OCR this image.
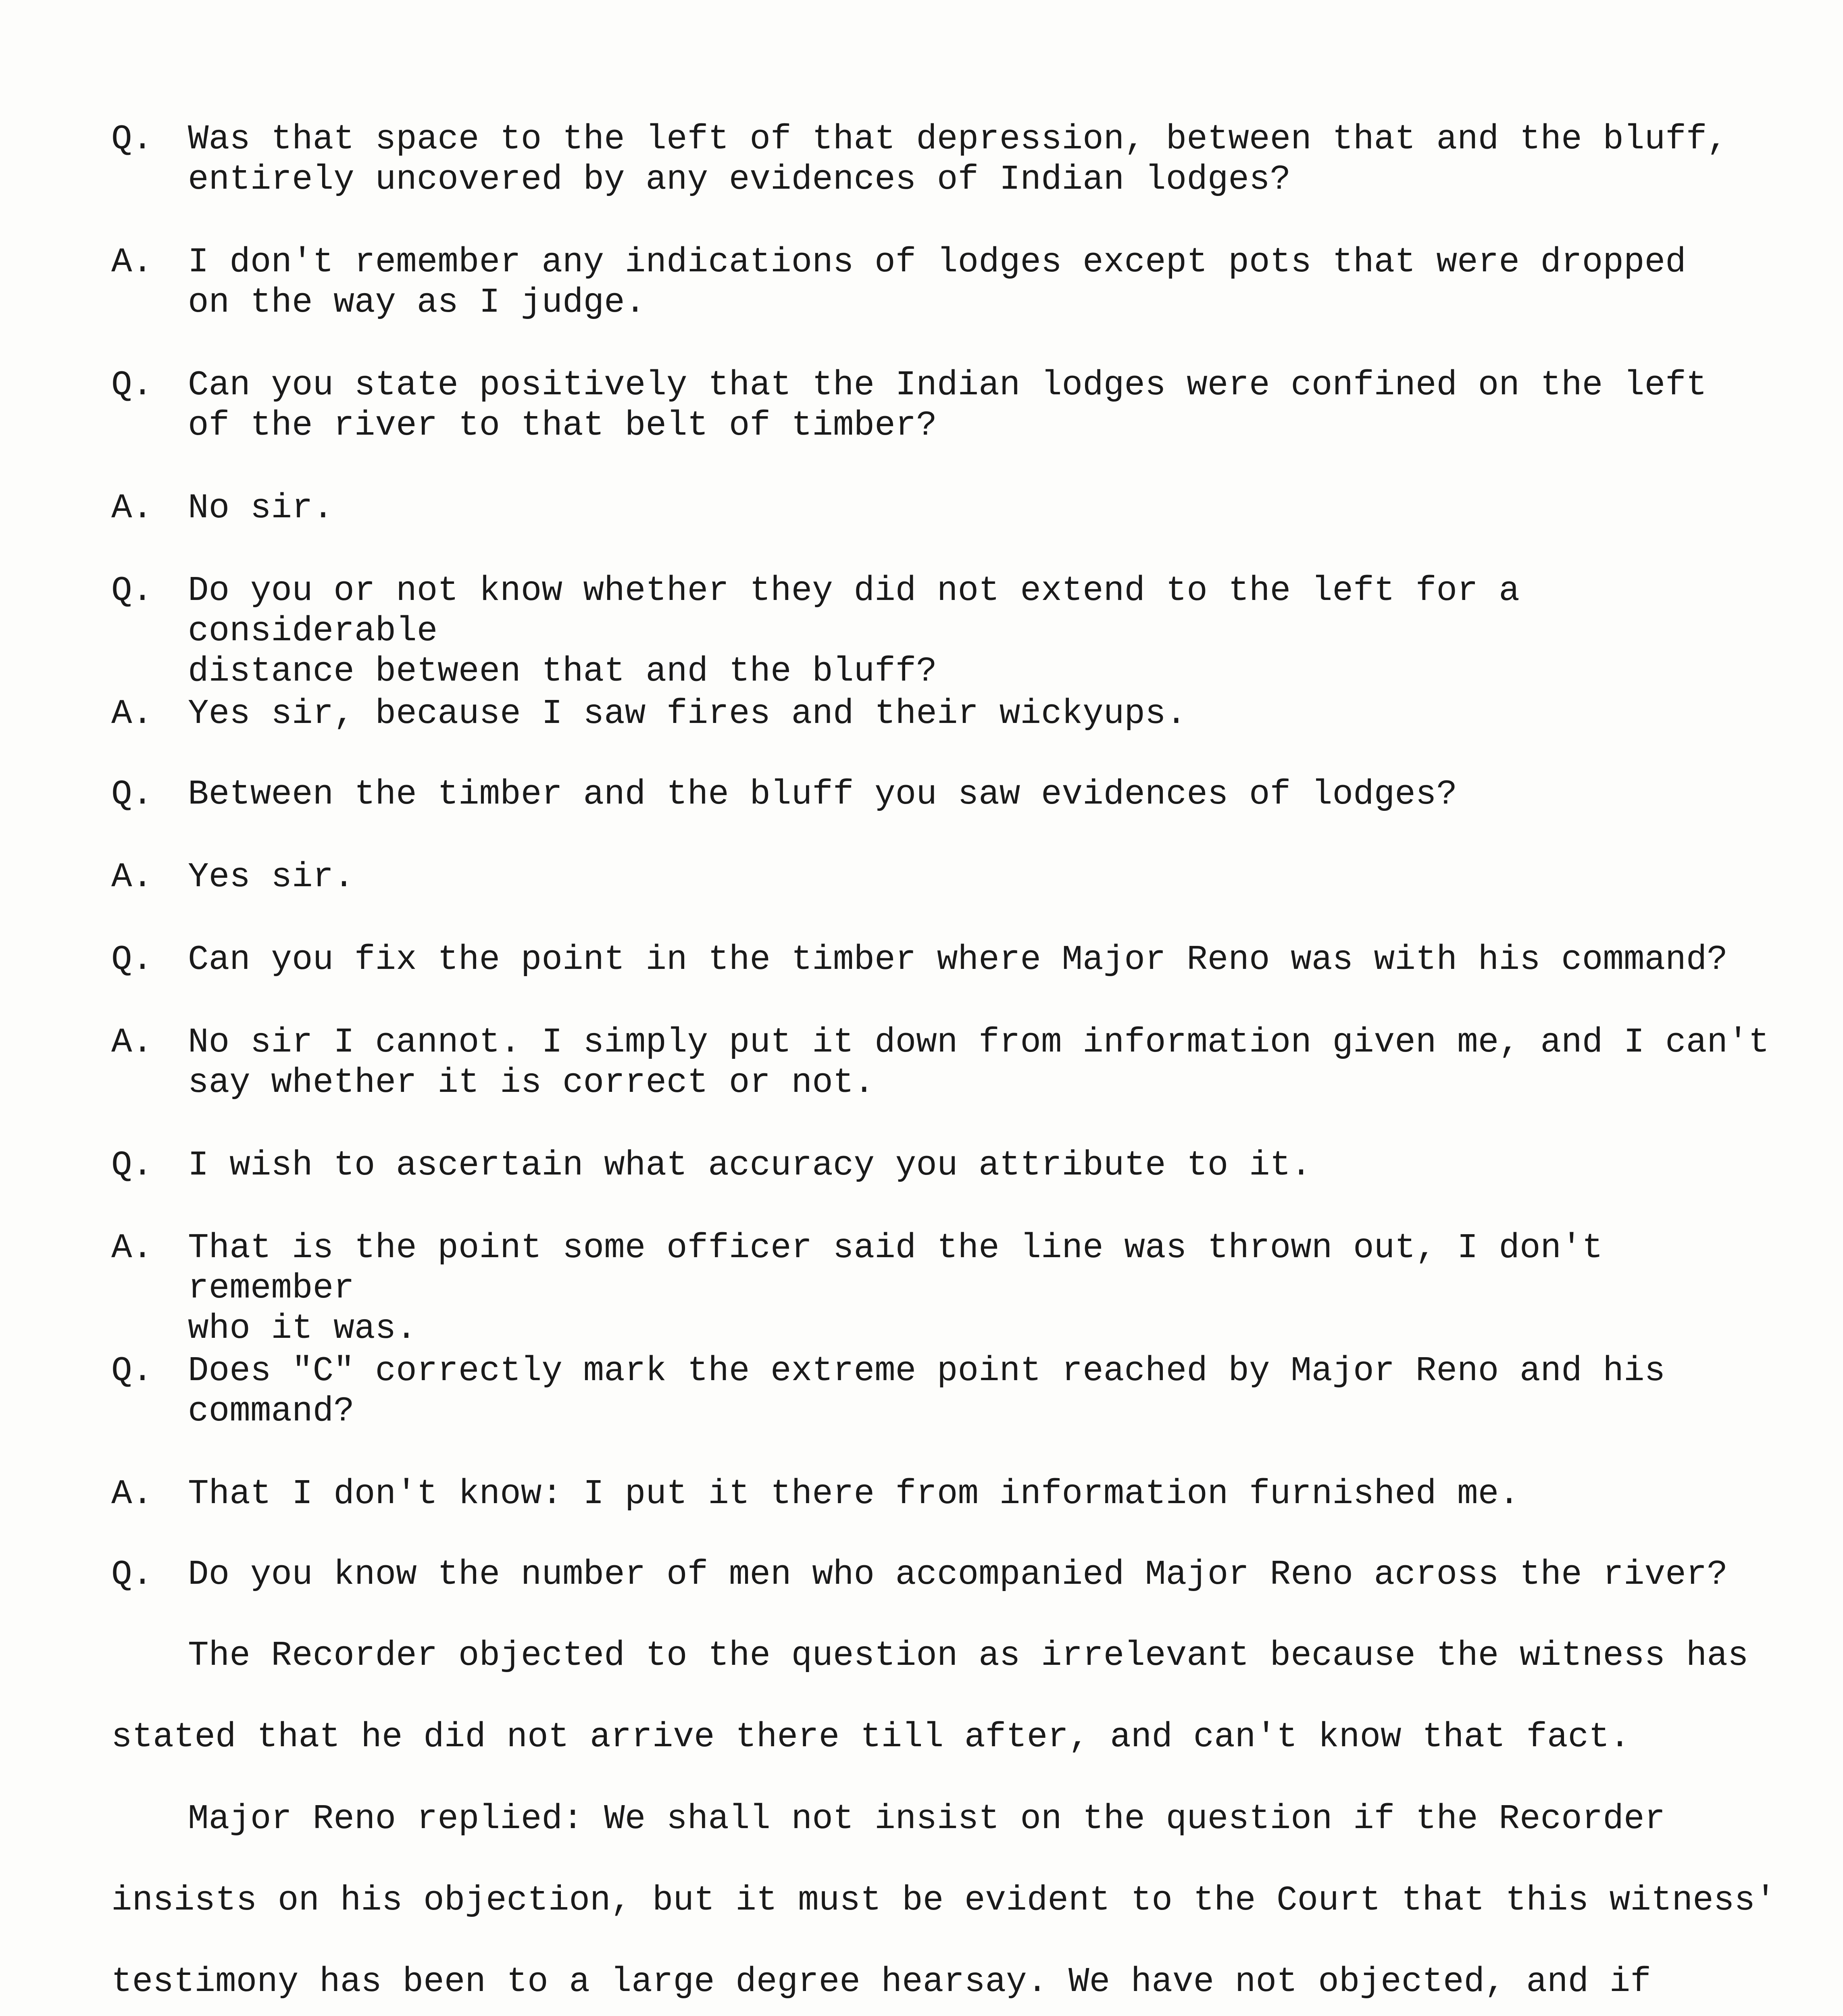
Q.	Was that space to the left of that depression, between that and the bluff,
entirely uncovered by any evidences of Indian lodges?
A.	I don't remember any indications of lodges except pots that were dropped
on the way as I judge.
Q.	Can you state positively that the Indian lodges were confined on the left
of the river to that belt of timber?
A.	No sir.
Q.	Do you or not know whether they did not extend to the left for a considerable
distance between that and the bluff?
A.	Yes sir, because I saw fires and their wickyups.
Q.	Between the timber and the bluff you saw evidences of lodges?
A.	Yes sir.
Q.	Can you fix the point in the timber where Major Reno was with his command?
A.	No sir I cannot. I simply put it down from information given me, and I can't
say whether it is correct or not.
Q.	I wish to ascertain what accuracy you attribute to it.
A.	That is the point some officer said the line was thrown out, I don't remember
who it was.
Q.	Does "C" correctly mark the extreme point reached by Major Reno and his
command?
A.	That I don't know: I put it there from information furnished me.
Q.	Do you know the number of men who accompanied Major Reno across the river?
The Recorder objected to the question as irrelevant because the witness has
stated that he did not arrive there till after, and can't know that fact.
Major Reno replied: We shall not insist on the question if the Recorder
insists on his objection, but it must be evident to the Court that this witness'
testimony has been to a large degree hearsay. We have not objected, and if
